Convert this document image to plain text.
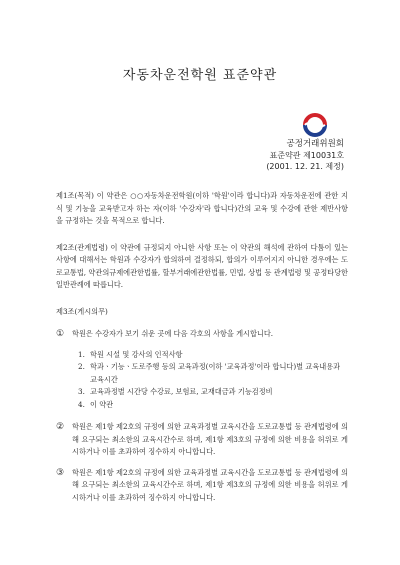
자동차운전학원 표준약관
공정거래위원회
표준약관 제10031호
(2001. 12. 21. 제정)

제1조(목적) 이 약관은 ○○자동차운전학원(이하 '학원'이라 합니다)과 자동차운전에 관한 지식 및 기능을 교육받고자 하는 자(이하 '수강자'라 합니다)간의 교육 및 수강에 관한 제반사항을 규정하는 것을 목적으로 합니다.

제2조(관계법령) 이 약관에 규정되지 아니한 사항 또는 이 약관의 해석에 관하여 다툼이 있는 사항에 대해서는 학원과 수강자가 합의하여 결정하되, 합의가 이루어지지 아니한 경우에는 도로교통법, 약관의규제에관한법률, 할부거래에관한법률, 민법, 상법 등 관계법령 및 공정타당한 일반관례에 따릅니다.

제3조(게시의무)

①	학원은 수강자가 보기 쉬운 곳에 다음 각호의 사항을 게시합니다.
1. 학원 시설 및 강사의 인적사항
2. 학과ㆍ기능ㆍ도로주행 등의 교육과정(이하 '교육과정'이라 합니다)별 교육내용과 교육시간
3. 교육과정별 시간당 수강료, 보험료, 교재대금과 기능검정비
4. 이 약관
②	학원은 제1항 제2호의 규정에 의한 교육과정별 교육시간을 도로교통법 등 관계법령에 의해 요구되는 최소한의 교육시간수로 하며, 제1항 제3호의 규정에 의한 비용을 허위로 게시하거나 이를 초과하여 징수하지 아니합니다.
③	학원은 제1항 제2호의 규정에 의한 교육과정별 교육시간을 도로교통법 등 관계법령에 의해 요구되는 최소한의 교육시간수로 하며, 제1항 제3호의 규정에 의한 비용을 허위로 게시하거나 이를 초과하여 징수하지 아니합니다.
